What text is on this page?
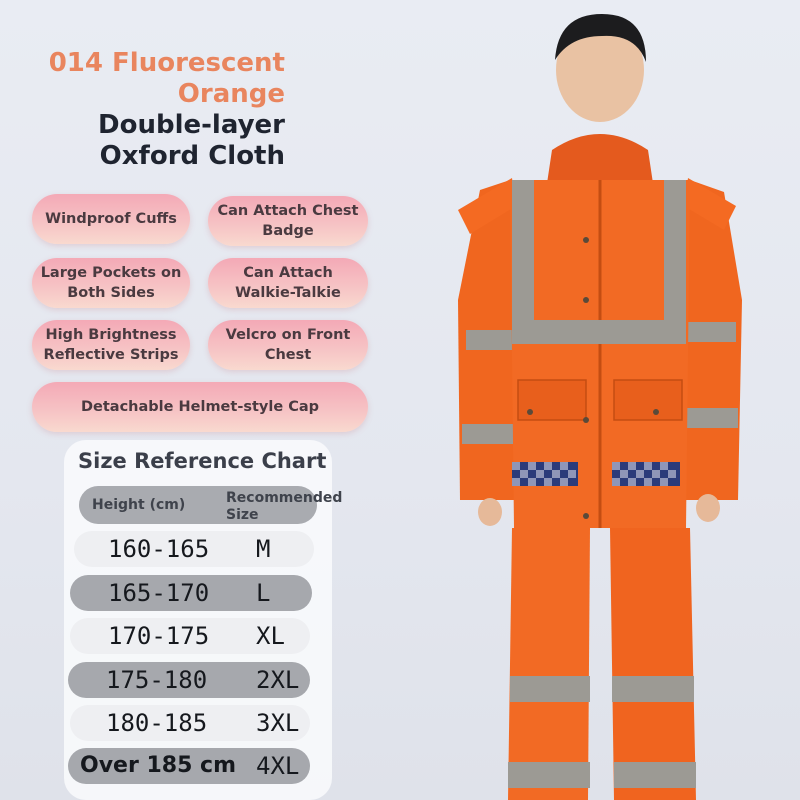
014 Fluorescent
Orange
Double-layer
Oxford Cloth
Windproof Cuffs	Can Attach Chest Badge
Large Pockets on Both Sides
Can Attach Walkie-Talkie
High Brightness Reflective Strips
Velcro on Front Chest
Detachable Helmet-style Cap
Size Reference Chart
Height (cm)	Recommended Size
160-165 M
165-170 L
170-175 XL
175-180 2XL
180-185 3XL
Over 185 cm 4XL
